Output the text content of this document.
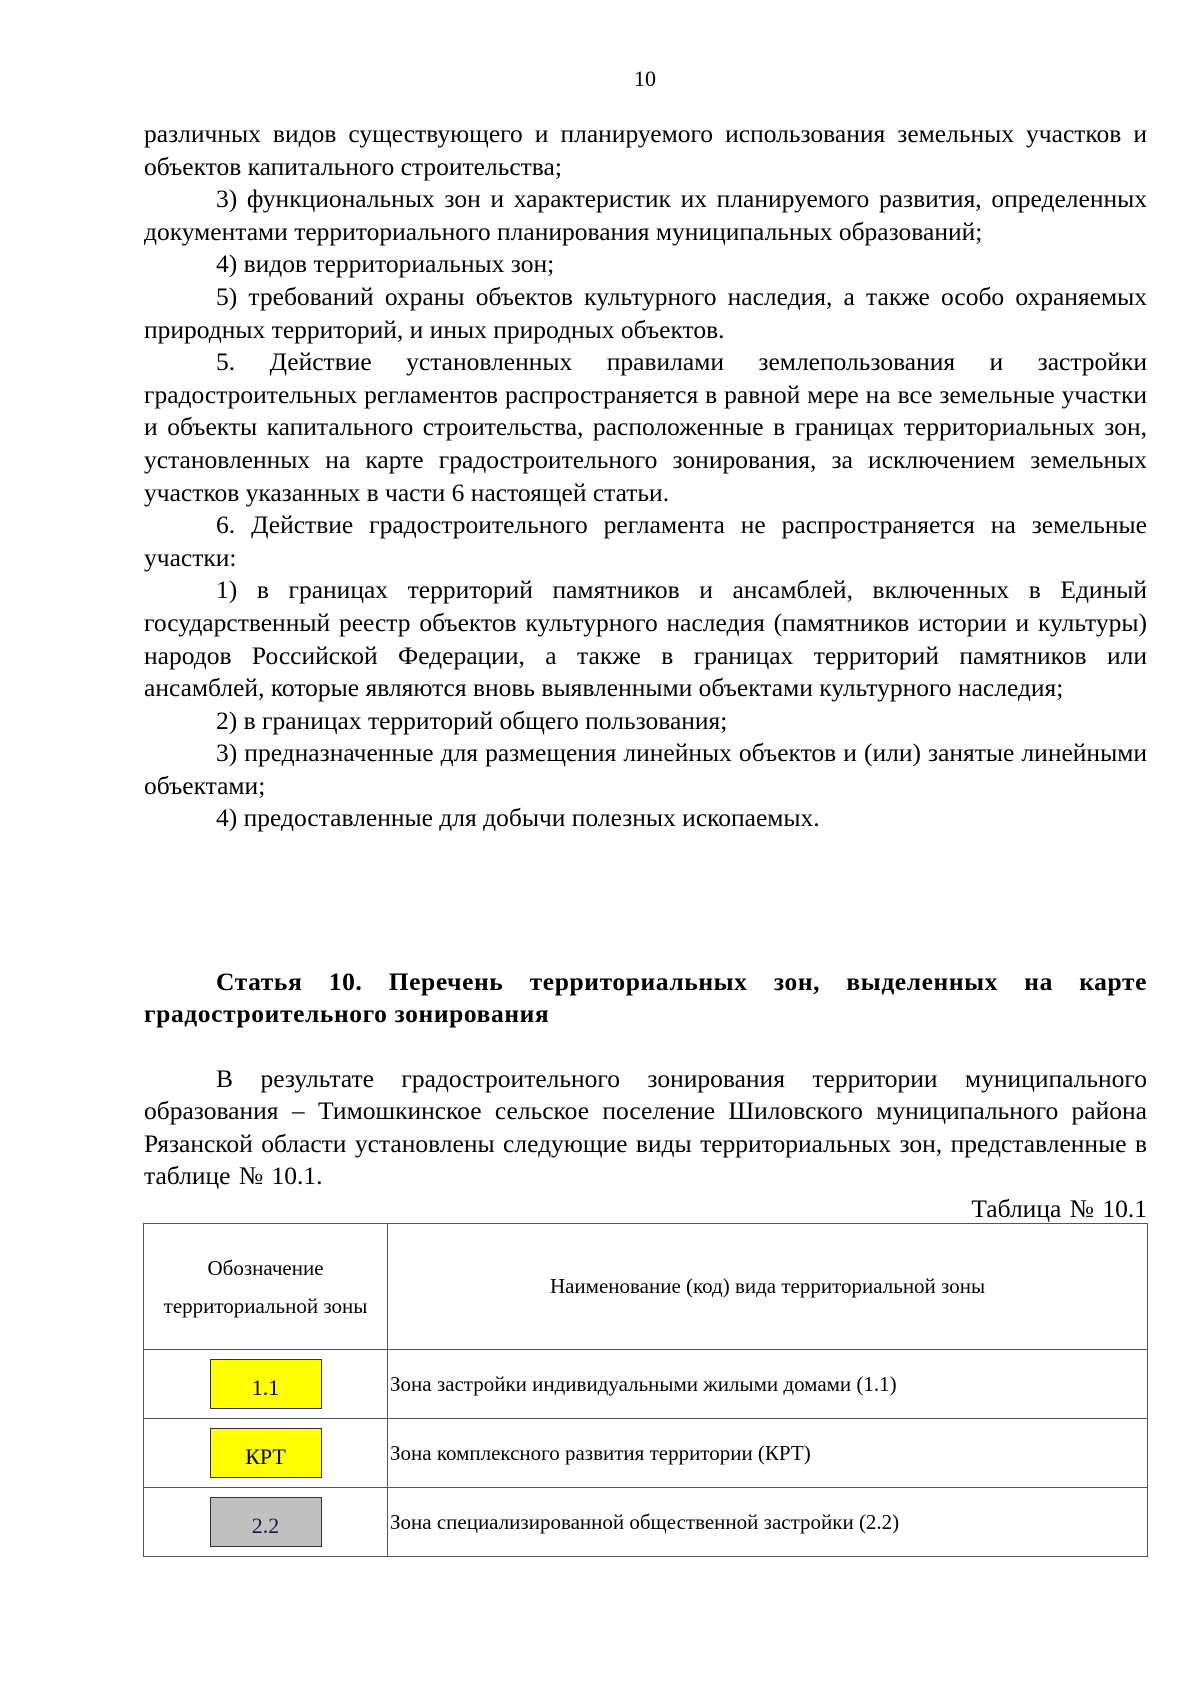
10

различных видов существующего и планируемого использования земельных участков и объектов капитального строительства;

3) функциональных зон и характеристик их планируемого развития, определенных документами территориального планирования муниципальных образований;

4) видов территориальных зон;

5) требований охраны объектов культурного наследия, а также особо охраняемых природных территорий, и иных природных объектов.

5. Действие установленных правилами землепользования и застройки градостроительных регламентов распространяется в равной мере на все земельные участки и объекты капитального строительства, расположенные в границах территориальных зон, установленных на карте градостроительного зонирования, за исключением земельных участков указанных в части 6 настоящей статьи.

6. Действие градостроительного регламента не распространяется на земельные участки:

1) в границах территорий памятников и ансамблей, включенных в Единый государственный реестр объектов культурного наследия (памятников истории и культуры) народов Российской Федерации, а также в границах территорий памятников или ансамблей, которые являются вновь выявленными объектами культурного наследия;

2) в границах территорий общего пользования;

3) предназначенные для размещения линейных объектов и (или) занятые линейными объектами;

4) предоставленные для добычи полезных ископаемых.

Статья 10. Перечень территориальных зон, выделенных на карте градостроительного зонирования

В результате градостроительного зонирования территории муниципального образования – Тимошкинское сельское поселение Шиловского муниципального района Рязанской области установлены следующие виды территориальных зон, представленные в таблице № 10.1.

Таблица № 10.1

Обозначение территориальной зоны	Наименование (код) вида территориальной зоны
1.1	Зона застройки индивидуальными жилыми домами (1.1)
КРТ	Зона комплексного развития территории (КРТ)
2.2	Зона специализированной общественной застройки (2.2)
